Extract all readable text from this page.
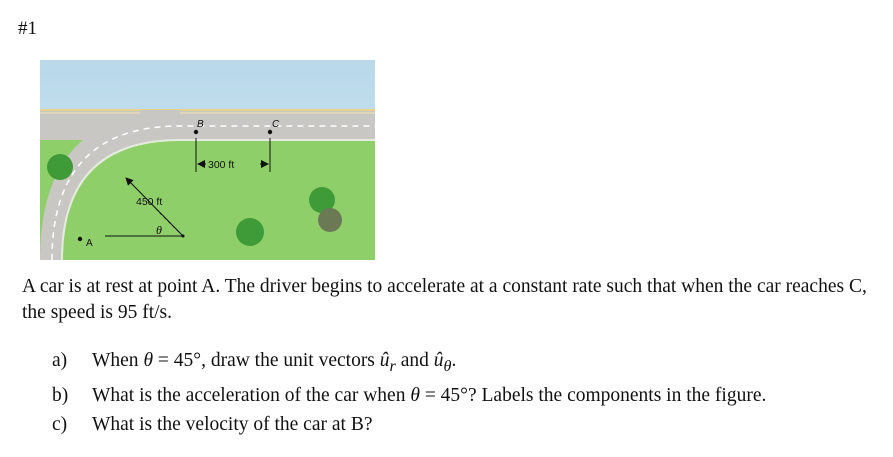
#1
A
B	C
300 ft
450 ft
θ
A car is at rest at point A. The driver begins to accelerate at a constant rate such that when the car reaches C, the speed is 95 ft/s.
a)	When θ = 45°, draw the unit vectors $û_r$ and $û_\theta$.
b)	What is the acceleration of the car when θ = 45°? Labels the components in the figure.
c)	What is the velocity of the car at B?
